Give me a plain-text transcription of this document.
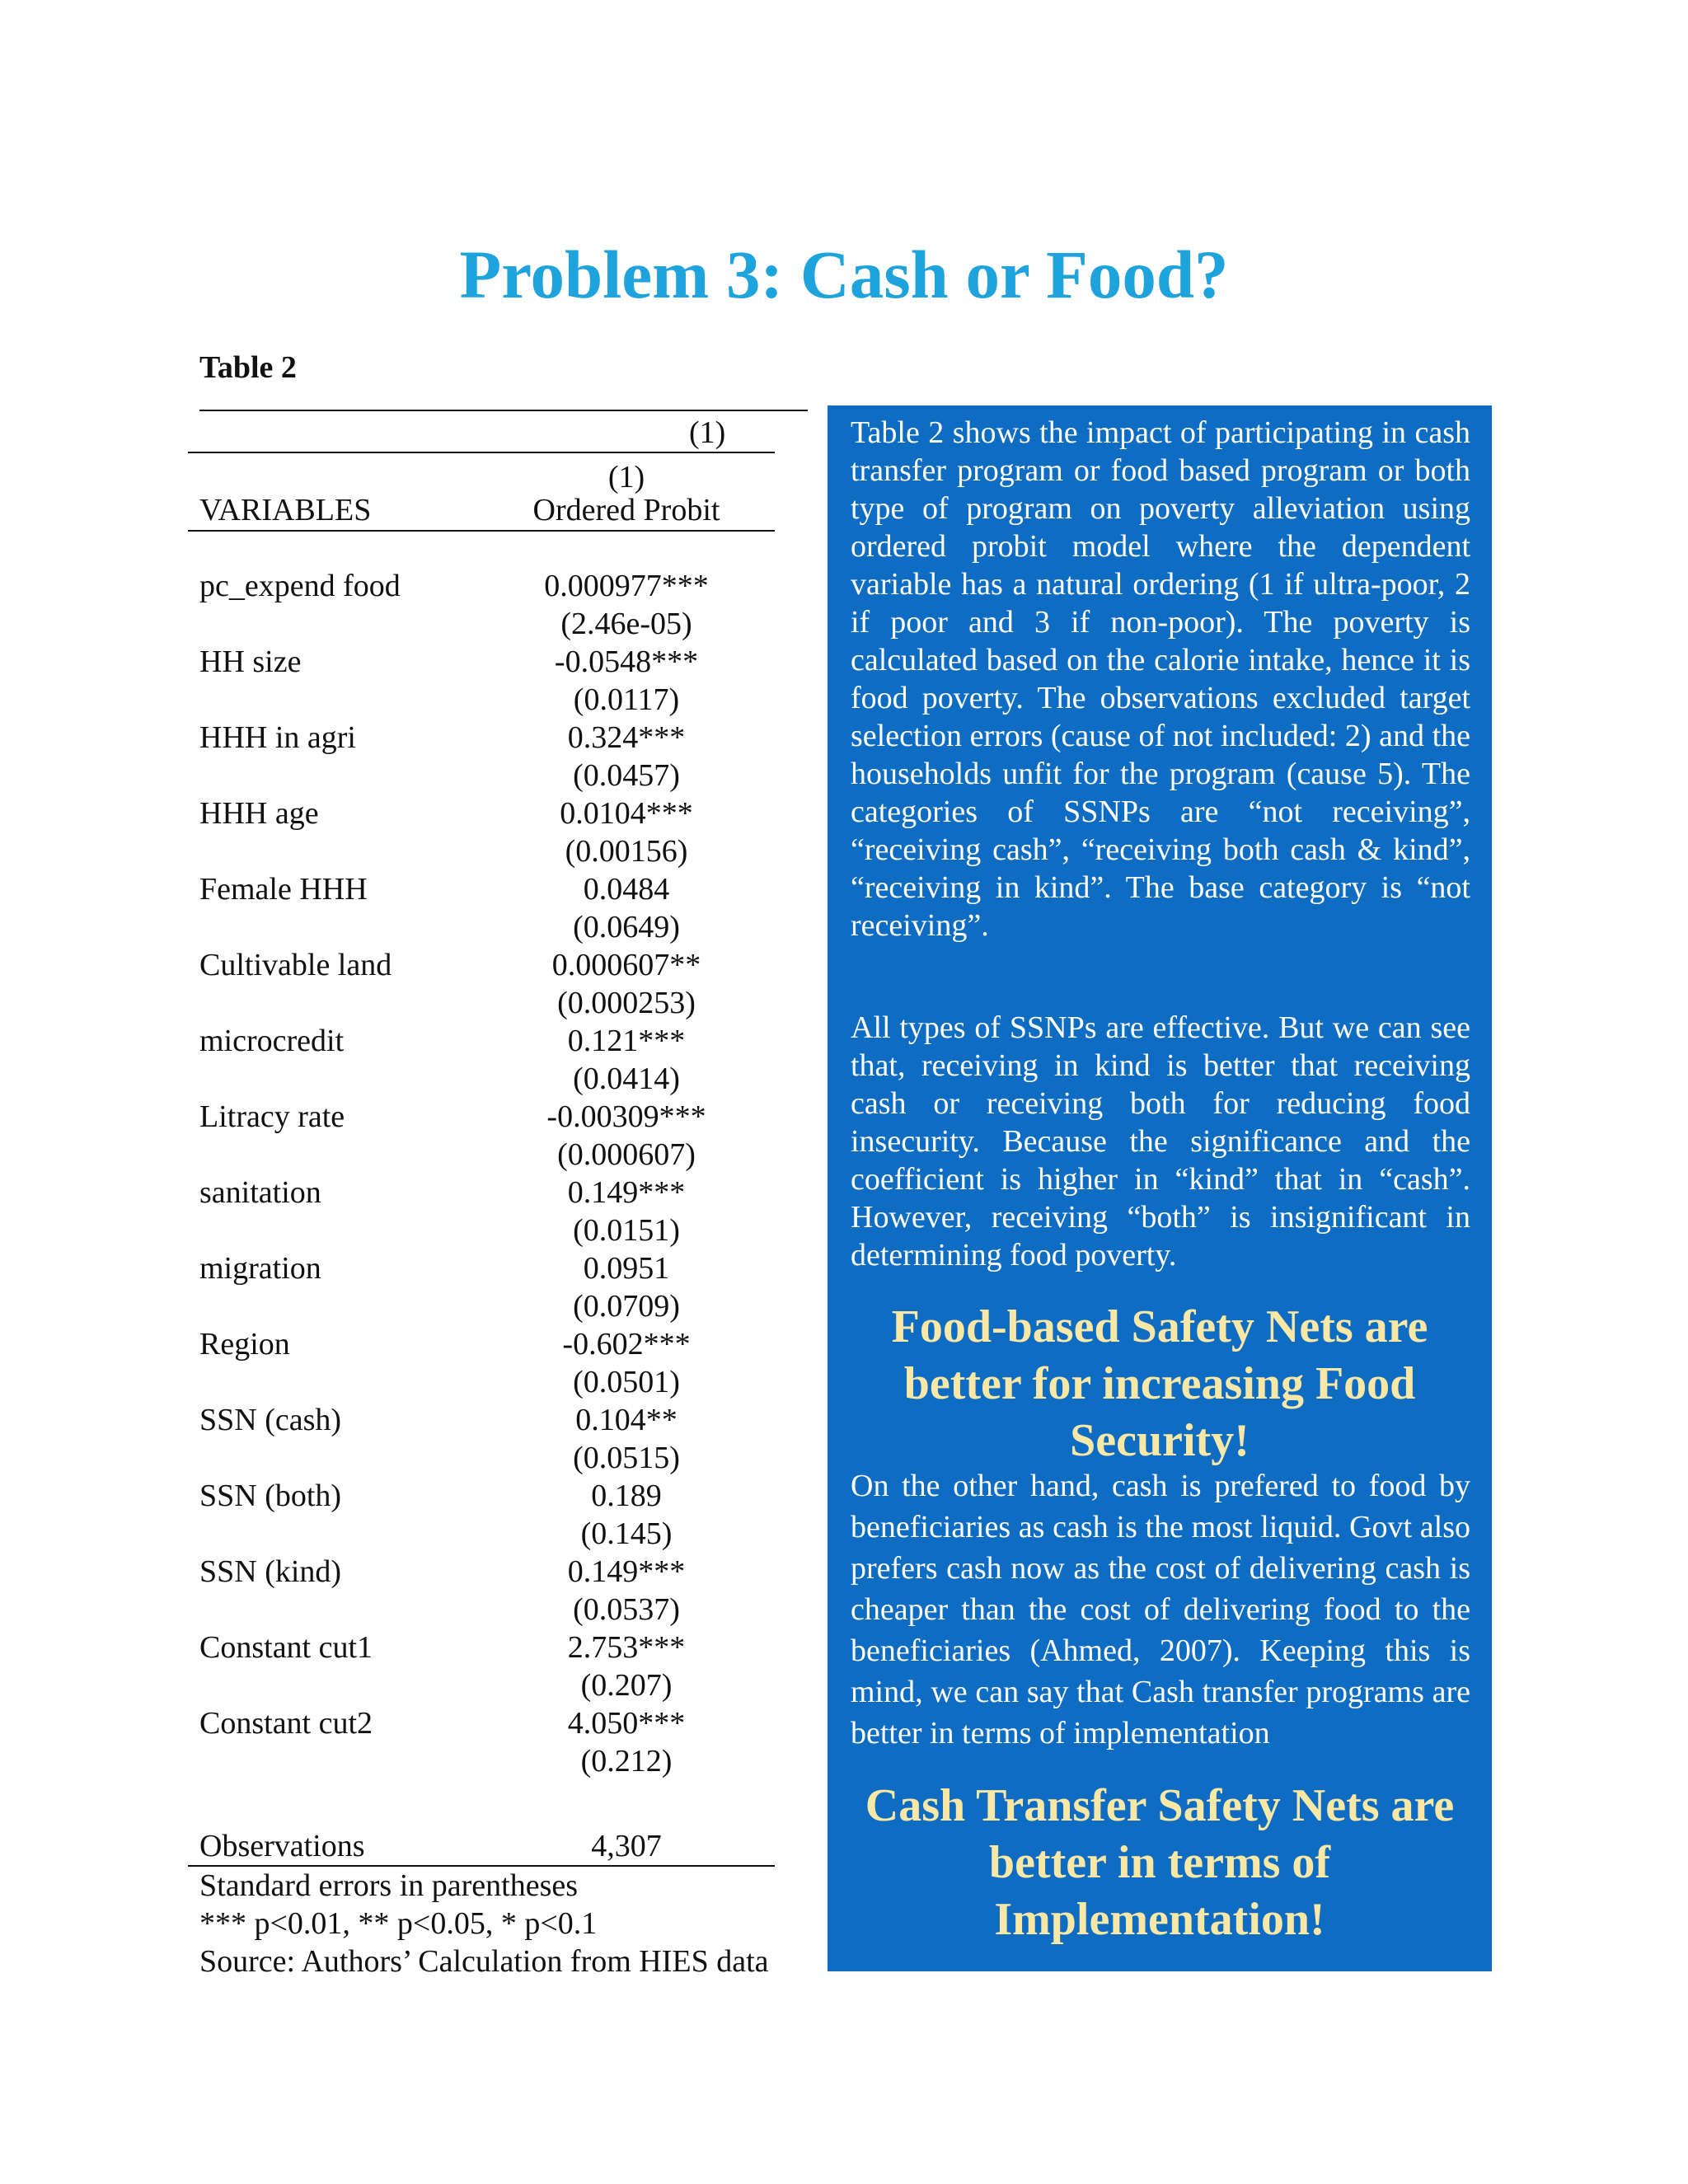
Problem 3: Cash or Food?
Table 2
(1)
(1)
VARIABLES	Ordered Probit
pc_expend food	0.000977***
(2.46e-05)
HH size	-0.0548***
(0.0117)
HHH in agri	0.324***
(0.0457)
HHH age	0.0104***
(0.00156)
Female HHH	0.0484
(0.0649)
Cultivable land	0.000607**
(0.000253)
microcredit	0.121***
(0.0414)
Litracy rate	-0.00309***
(0.000607)
sanitation	0.149***
(0.0151)
migration	0.0951
(0.0709)
Region	-0.602***
(0.0501)
SSN (cash)	0.104**
(0.0515)
SSN (both)	0.189
(0.145)
SSN (kind)	0.149***
(0.0537)
Constant cut1	2.753***
(0.207)
Constant cut2	4.050***
(0.212)
Observations	4,307
Standard errors in parentheses
*** p<0.01, ** p<0.05, * p<0.1
Source: Authors’ Calculation from HIES data
Table 2 shows the impact of participating in cash transfer program or food based program or both type of program on poverty alleviation using ordered probit model where the dependent variable has a natural ordering (1 if ultra-poor, 2 if poor and 3 if non-poor). The poverty is calculated based on the calorie intake, hence it is food poverty. The observations excluded target selection errors (cause of not included: 2) and the households unfit for the program (cause 5). The categories of SSNPs are “not receiving”, “receiving cash”, “receiving both cash & kind”, “receiving in kind”. The base category is “not receiving”.
All types of SSNPs are effective. But we can see that, receiving in kind is better that receiving cash or receiving both for reducing food insecurity. Because the significance and the coefficient is higher in “kind” that in “cash”. However, receiving “both” is insignificant in determining food poverty.
Food-based Safety Nets are better for increasing Food Security!
On the other hand, cash is prefered to food by beneficiaries as cash is the most liquid. Govt also prefers cash now as the cost of delivering cash is cheaper than the cost of delivering food to the beneficiaries (Ahmed, 2007). Keeping this is mind, we can say that Cash transfer programs are better in terms of implementation
Cash Transfer Safety Nets are better in terms of Implementation!
